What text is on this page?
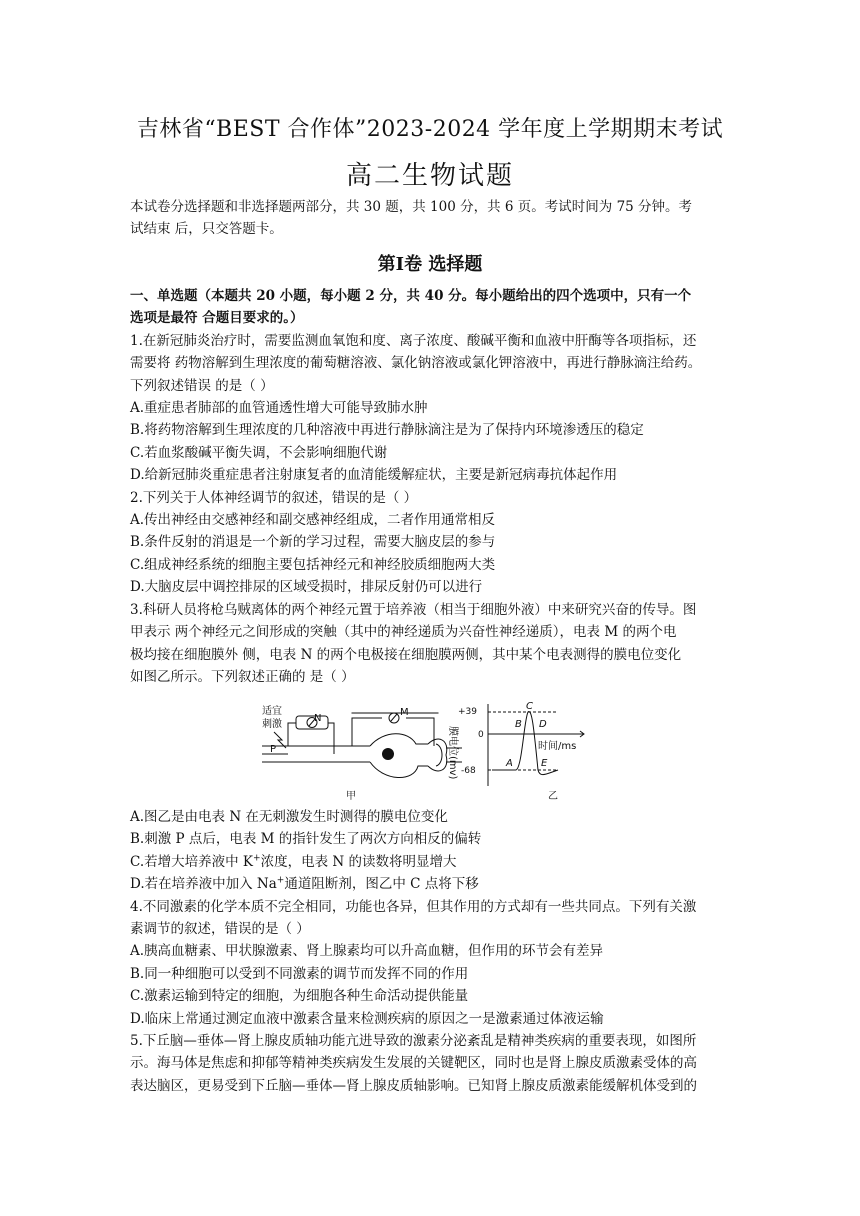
吉林省“BEST 合作体”2023-2024 学年度上学期期末考试
高二生物试题
本试卷分选择题和非选择题两部分，共 30 题，共 100 分，共 6 页。考试时间为 75 分钟。考
试结束 后，只交答题卡。
第Ⅰ卷 选择题

一、单选题（本题共 20 小题，每小题 2 分，共 40 分。每小题给出的四个选项中，只有一个

选项是最符 合题目要求的。）

1.在新冠肺炎治疗时，需要监测血氧饱和度、离子浓度、酸碱平衡和血液中肝酶等各项指标，还

需要将 药物溶解到生理浓度的葡萄糖溶液、氯化钠溶液或氯化钾溶液中，再进行静脉滴注给药。

下列叙述错误 的是（ ）

A.重症患者肺部的血管通透性增大可能导致肺水肿

B.将药物溶解到生理浓度的几种溶液中再进行静脉滴注是为了保持内环境渗透压的稳定

C.若血浆酸碱平衡失调，不会影响细胞代谢

D.给新冠肺炎重症患者注射康复者的血清能缓解症状，主要是新冠病毒抗体起作用

2.下列关于人体神经调节的叙述，错误的是（ ）

A.传出神经由交感神经和副交感神经组成，二者作用通常相反

B.条件反射的消退是一个新的学习过程，需要大脑皮层的参与

C.组成神经系统的细胞主要包括神经元和神经胶质细胞两大类

D.大脑皮层中调控排尿的区域受损时，排尿反射仍可以进行

3.科研人员将枪乌贼离体的两个神经元置于培养液（相当于细胞外液）中来研究兴奋的传导。图

甲表示 两个神经元之间形成的突触（其中的神经递质为兴奋性神经递质），电表 M 的两个电

极均接在细胞膜外 侧，电表 N 的两个电极接在细胞膜两侧，其中某个电表测得的膜电位变化

如图乙所示。下列叙述正确的 是（ ）

适宜
刺激
N
M
P
甲
+39
0
-68
时间/ms
膜电位(mv)
C
B D
A	E
乙

A.图乙是由电表 N 在无刺激发生时测得的膜电位变化

B.刺激 P 点后，电表 M 的指针发生了两次方向相反的偏转

C.若增大培养液中 K+浓度，电表 N 的读数将明显增大

D.若在培养液中加入 Na+通道阻断剂，图乙中 C 点将下移

4.不同激素的化学本质不完全相同，功能也各异，但其作用的方式却有一些共同点。下列有关激

素调节的叙述，错误的是（ ）

A.胰高血糖素、甲状腺激素、肾上腺素均可以升高血糖，但作用的环节会有差异

B.同一种细胞可以受到不同激素的调节而发挥不同的作用

C.激素运输到特定的细胞，为细胞各种生命活动提供能量

D.临床上常通过测定血液中激素含量来检测疾病的原因之一是激素通过体液运输

5.下丘脑—垂体—肾上腺皮质轴功能亢进导致的激素分泌紊乱是精神类疾病的重要表现，如图所

示。海马体是焦虑和抑郁等精神类疾病发生发展的关键靶区，同时也是肾上腺皮质激素受体的高

表达脑区，更易受到下丘脑—垂体—肾上腺皮质轴影响。已知肾上腺皮质激素能缓解机体受到的
